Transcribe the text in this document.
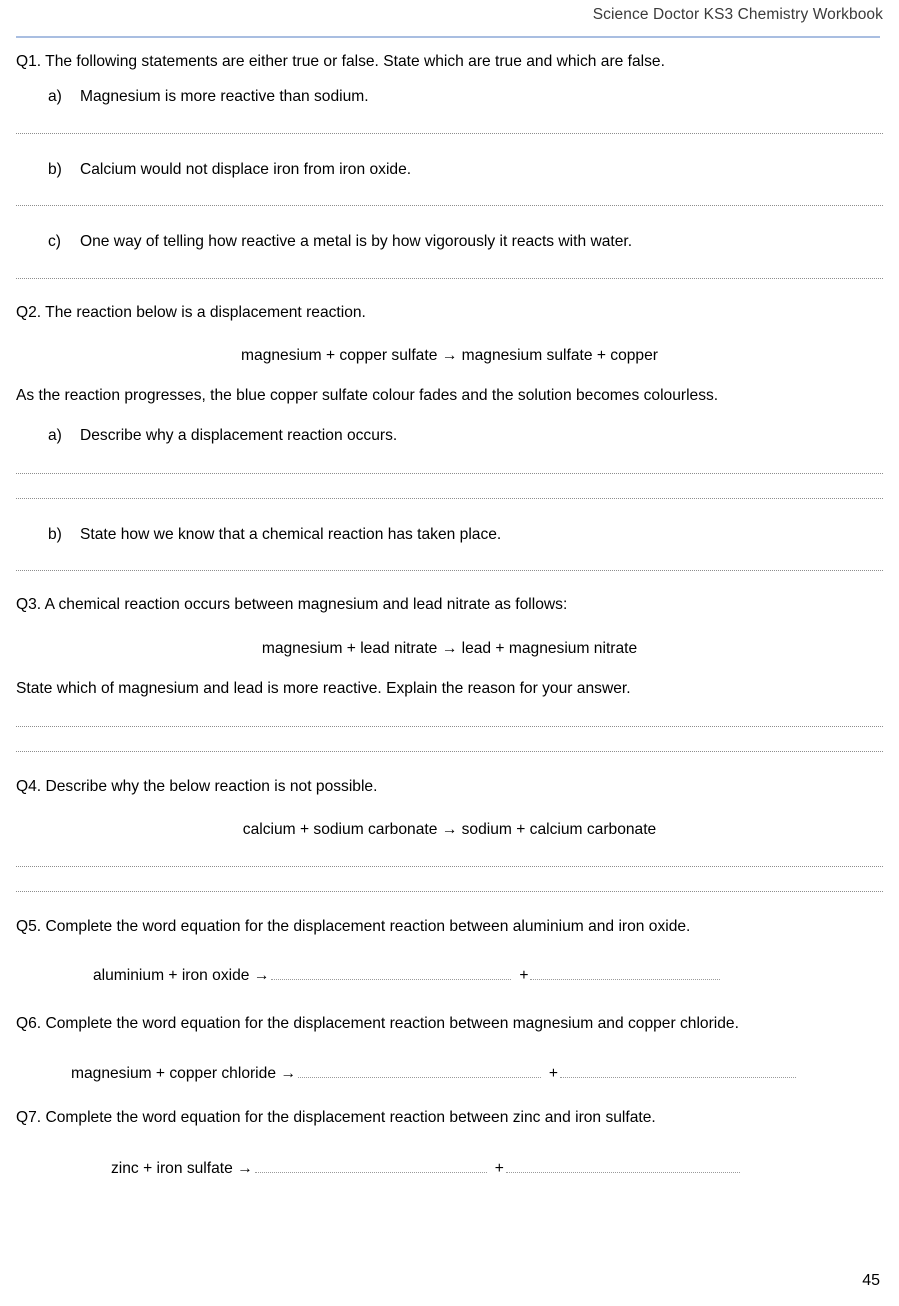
Science Doctor KS3 Chemistry Workbook
Q1. The following statements are either true or false. State which are true and which are false.
a)	Magnesium is more reactive than sodium.
b)	Calcium would not displace iron from iron oxide.
c)	One way of telling how reactive a metal is by how vigorously it reacts with water.
Q2. The reaction below is a displacement reaction.
magnesium + copper sulfate → magnesium sulfate + copper
As the reaction progresses, the blue copper sulfate colour fades and the solution becomes colourless.
a)	Describe why a displacement reaction occurs.
b)	State how we know that a chemical reaction has taken place.
Q3. A chemical reaction occurs between magnesium and lead nitrate as follows:
magnesium + lead nitrate → lead + magnesium nitrate
State which of magnesium and lead is more reactive. Explain the reason for your answer.
Q4. Describe why the below reaction is not possible.
calcium + sodium carbonate → sodium + calcium carbonate
Q5. Complete the word equation for the displacement reaction between aluminium and iron oxide.
aluminium + iron oxide →	+
Q6. Complete the word equation for the displacement reaction between magnesium and copper chloride.
magnesium + copper chloride →	+
Q7. Complete the word equation for the displacement reaction between zinc and iron sulfate.
zinc + iron sulfate →	+
45
